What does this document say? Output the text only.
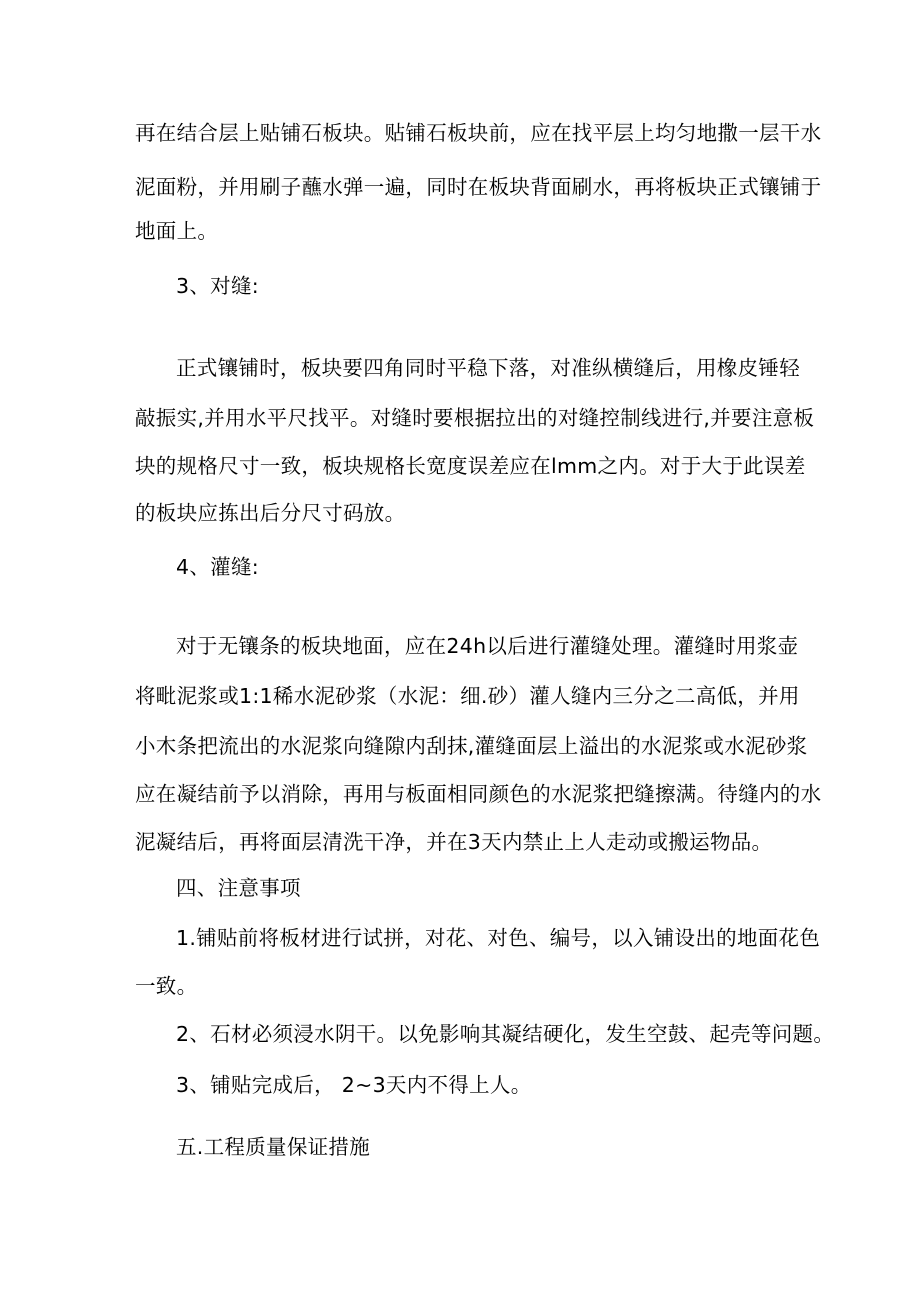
再在结合层上贴铺石板块。贴铺石板块前，应在找平层上均匀地撒一层干水

泥面粉，并用刷子蘸水弹一遍，同时在板块背面刷水，再将板块正式镶铺于

地面上。

3、对缝:

正式镶铺时，板块要四角同时平稳下落，对准纵横缝后，用橡皮锤轻

敲振实,并用水平尺找平。对缝时要根据拉出的对缝控制线进行,并要注意板

块的规格尺寸一致，板块规格长宽度误差应在lmm之内。对于大于此误差

的板块应拣出后分尺寸码放。

4、灌缝:

对于无镶条的板块地面，应在24h以后进行灌缝处理。灌缝时用浆壶

将毗泥浆或1:1稀水泥砂浆（水泥：细.砂）灌人缝内三分之二高低，并用

小木条把流出的水泥浆向缝隙内刮抹,灌缝面层上溢出的水泥浆或水泥砂浆

应在凝结前予以消除，再用与板面相同颜色的水泥浆把缝擦满。待缝内的水

泥凝结后，再将面层清洗干净，并在3天内禁止上人走动或搬运物品。

四、注意事项

1.铺贴前将板材进行试拼，对花、对色、编号，以入铺设出的地面花色

一致。

2、石材必须浸水阴干。以免影响其凝结硬化，发生空鼓、起壳等问题。

3、铺贴完成后， 2~3天内不得上人。

五.工程质量保证措施
